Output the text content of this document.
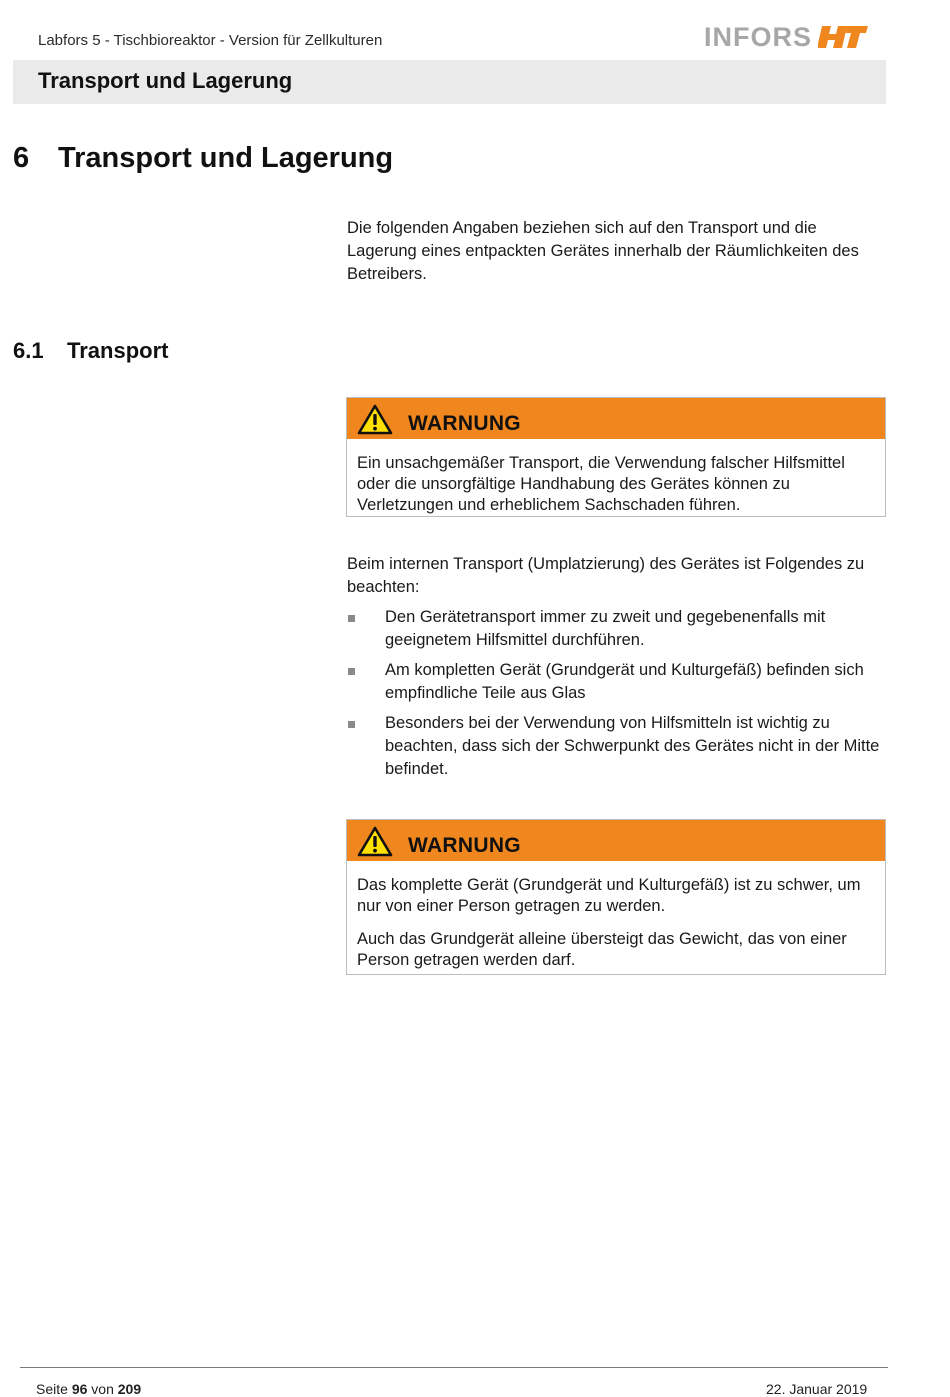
Labfors 5 - Tischbioreaktor - Version für Zellkulturen	INFORS
Transport und Lagerung
6 Transport und Lagerung
Die folgenden Angaben beziehen sich auf den Transport und die Lagerung eines entpackten Gerätes innerhalb der Räumlichkeiten des Betreibers.
6.1 Transport
WARNUNG

Ein unsachgemäßer Transport, die Verwendung falscher Hilfsmittel oder die unsorgfältige Handhabung des Gerätes können zu Verletzungen und erheblichem Sachschaden führen.

Beim internen Transport (Umplatzierung) des Gerätes ist Folgendes zu beachten:
Den Gerätetransport immer zu zweit und gegebenenfalls mit geeignetem Hilfsmittel durchführen.
Am kompletten Gerät (Grundgerät und Kulturgefäß) befinden sich empfindliche Teile aus Glas
Besonders bei der Verwendung von Hilfsmitteln ist wichtig zu beachten, dass sich der Schwerpunkt des Gerätes nicht in der Mitte befindet.
WARNUNG

Das komplette Gerät (Grundgerät und Kulturgefäß) ist zu schwer, um nur von einer Person getragen zu werden.

Auch das Grundgerät alleine übersteigt das Gewicht, das von einer Person getragen werden darf.

Seite 96 von 209	22. Januar 2019
